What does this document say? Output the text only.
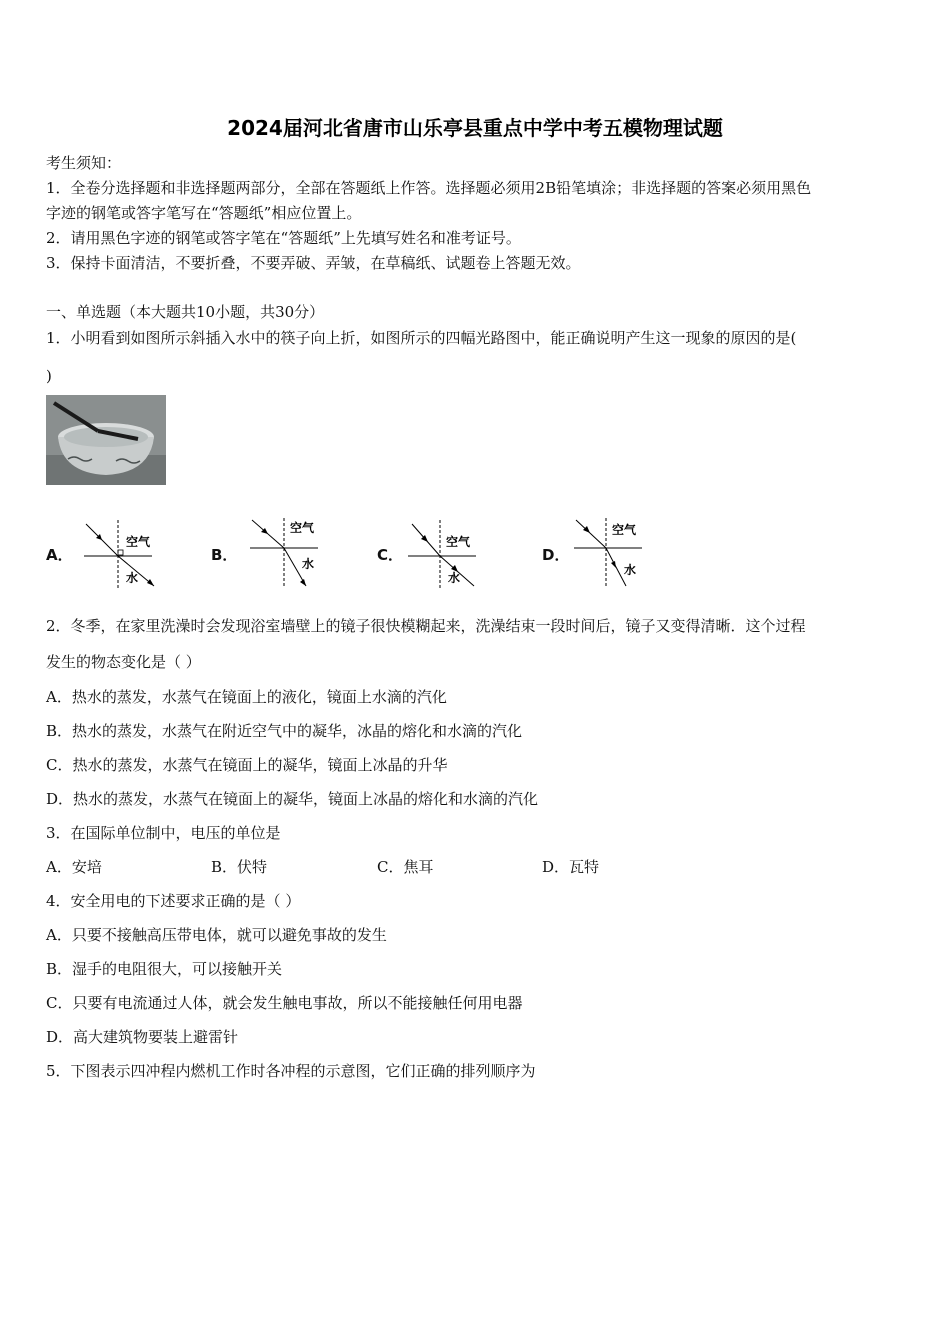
2024届河北省唐市山乐亭县重点中学中考五模物理试题
考生须知：
1．全卷分选择题和非选择题两部分，全部在答题纸上作答。选择题必须用2B铅笔填涂；非选择题的答案必须用黑色
字迹的钢笔或答字笔写在“答题纸”相应位置上。
2．请用黑色字迹的钢笔或答字笔在“答题纸”上先填写姓名和准考证号。
3．保持卡面清洁，不要折叠，不要弄破、弄皱，在草稿纸、试题卷上答题无效。
一、单选题（本大题共10小题，共30分）
1．小明看到如图所示斜插入水中的筷子向上折，如图所示的四幅光路图中，能正确说明产生这一现象的原因的是(
)
A．
空气
水
B．
空气
水	C．
空气
水
D．
空气
水
2．冬季，在家里洗澡时会发现浴室墙壁上的镜子很快模糊起来，洗澡结束一段时间后，镜子又变得清晰．这个过程
发生的物态变化是（ ）
A．热水的蒸发，水蒸气在镜面上的液化，镜面上水滴的汽化
B．热水的蒸发，水蒸气在附近空气中的凝华，冰晶的熔化和水滴的汽化
C．热水的蒸发，水蒸气在镜面上的凝华，镜面上冰晶的升华
D．热水的蒸发，水蒸气在镜面上的凝华，镜面上冰晶的熔化和水滴的汽化
3．在国际单位制中，电压的单位是
A．安培	B．伏特	C．焦耳	D．瓦特
4．安全用电的下述要求正确的是（ ）
A．只要不接触高压带电体，就可以避免事故的发生
B．湿手的电阻很大，可以接触开关
C．只要有电流通过人体，就会发生触电事故，所以不能接触任何用电器
D．高大建筑物要装上避雷针
5．下图表示四冲程内燃机工作时各冲程的示意图，它们正确的排列顺序为
